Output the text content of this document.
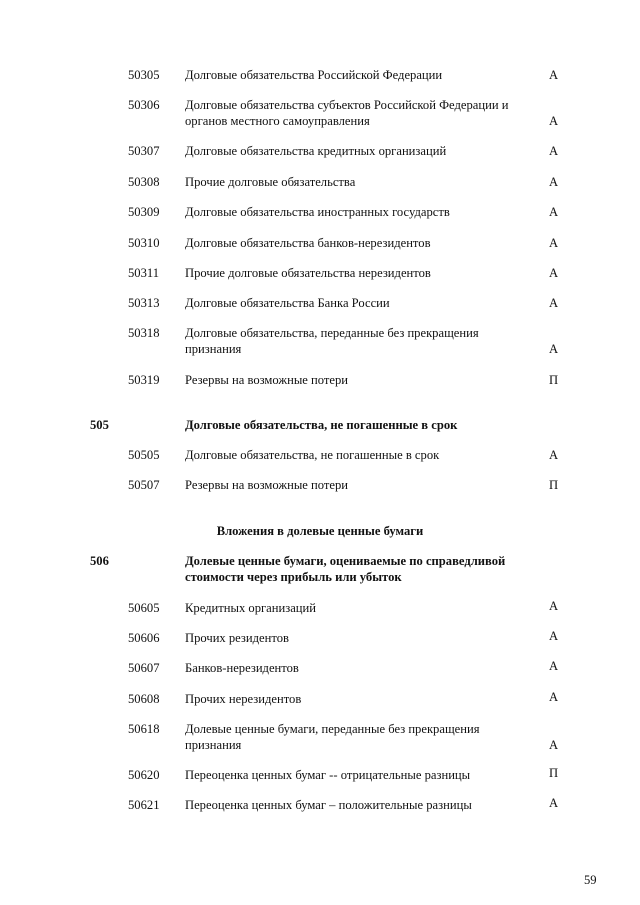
50305 Долговые обязательства Российской Федерации	А
50306 Долговые обязательства субъектов Российской Федерации и органов местного самоуправления	А
50307 Долговые обязательства кредитных организаций	А
50308 Прочие долговые обязательства	А
50309 Долговые обязательства иностранных государств	А
50310 Долговые обязательства банков-нерезидентов	А
50311 Прочие долговые обязательства нерезидентов	А
50313 Долговые обязательства Банка России	А
50318 Долговые обязательства, переданные без прекращения признания	А
50319 Резервы на возможные потери	П
505	Долговые обязательства, не погашенные в срок
50505 Долговые обязательства, не погашенные в срок	А
50507 Резервы на возможные потери	П
Вложения в долевые ценные бумаги
506	Долевые ценные бумаги, оцениваемые по справедливой стоимости через прибыль или убыток
50605 Кредитных организаций	А
50606 Прочих резидентов	А
50607 Банков-нерезидентов	А
50608 Прочих нерезидентов	А
50618 Долевые ценные бумаги, переданные без прекращения признания	А
50620 Переоценка ценных бумаг -- отрицательные разницы	П
50621 Переоценка ценных бумаг – положительные разницы	А
59
